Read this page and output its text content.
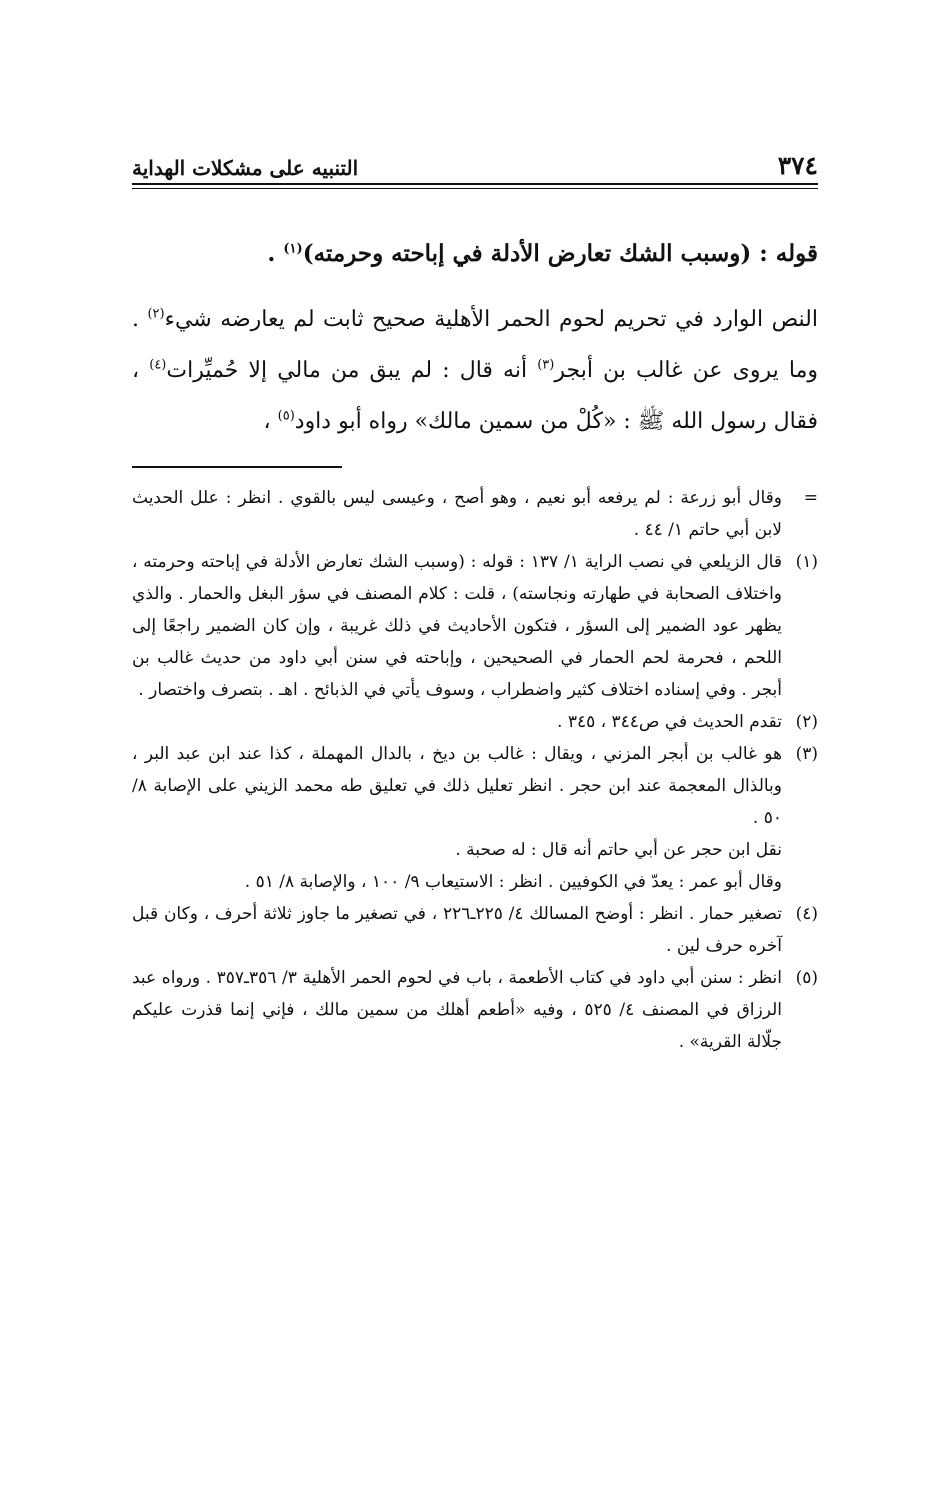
٣٧٤
التنبيه على مشكلات الهداية
قوله : (وسبب الشك تعارض الأدلة في إباحته وحرمته)$^{(١)}$ .
النص الوارد في تحريم لحوم الحمر الأهلية صحيح ثابت لم يعارضه شيء$^{(٢)}$ . وما يروى عن غالب بن أبجر$^{(٣)}$ أنه قال : لم يبق من مالي إلا حُميِّرات$^{(٤)}$ ، فقال رسول الله ﷺ : «كُلْ من سمين مالك» رواه أبو داود$^{(٥)}$ ،
=
وقال أبو زرعة : لم يرفعه أبو نعيم ، وهو أصح ، وعيسى ليس بالقوي . انظر : علل الحديث لابن أبي حاتم ١/ ٤٤ .
(١)
قال الزيلعي في نصب الراية ١/ ١٣٧ : قوله : (وسبب الشك تعارض الأدلة في إباحته وحرمته ، واختلاف الصحابة في طهارته ونجاسته) ، قلت : كلام المصنف في سؤر البغل والحمار . والذي يظهر عود الضمير إلى السؤر ، فتكون الأحاديث في ذلك غريبة ، وإن كان الضمير راجعًا إلى اللحم ، فحرمة لحم الحمار في الصحيحين ، وإباحته في سنن أبي داود من حديث غالب بن أبجر . وفي إسناده اختلاف كثير واضطراب ، وسوف يأتي في الذبائح . اهـ . بتصرف واختصار .
(٢)
تقدم الحديث في ص٣٤٤ ، ٣٤٥ .
(٣)
هو غالب بن أبجر المزني ، ويقال : غالب بن ديخ ، بالدال المهملة ، كذا عند ابن عبد البر ، وبالذال المعجمة عند ابن حجر . انظر تعليل ذلك في تعليق طه محمد الزيني على الإصابة ٨/ ٥٠ .
نقل ابن حجر عن أبي حاتم أنه قال : له صحبة .
وقال أبو عمر : يعدّ في الكوفيين . انظر : الاستيعاب ٩/ ١٠٠ ، والإصابة ٨/ ٥١ .
(٤)
تصغير حمار . انظر : أوضح المسالك ٤/ ٢٢٥ـ٢٢٦ ، في تصغير ما جاوز ثلاثة أحرف ، وكان قبل آخره حرف لين .
(٥)
انظر : سنن أبي داود في كتاب الأطعمة ، باب في لحوم الحمر الأهلية ٣/ ٣٥٦ـ٣٥٧ . ورواه عبد الرزاق في المصنف ٤/ ٥٢٥ ، وفيه «أطعم أهلك من سمين مالك ، فإني إنما قذرت عليكم جلّالة القرية» .
